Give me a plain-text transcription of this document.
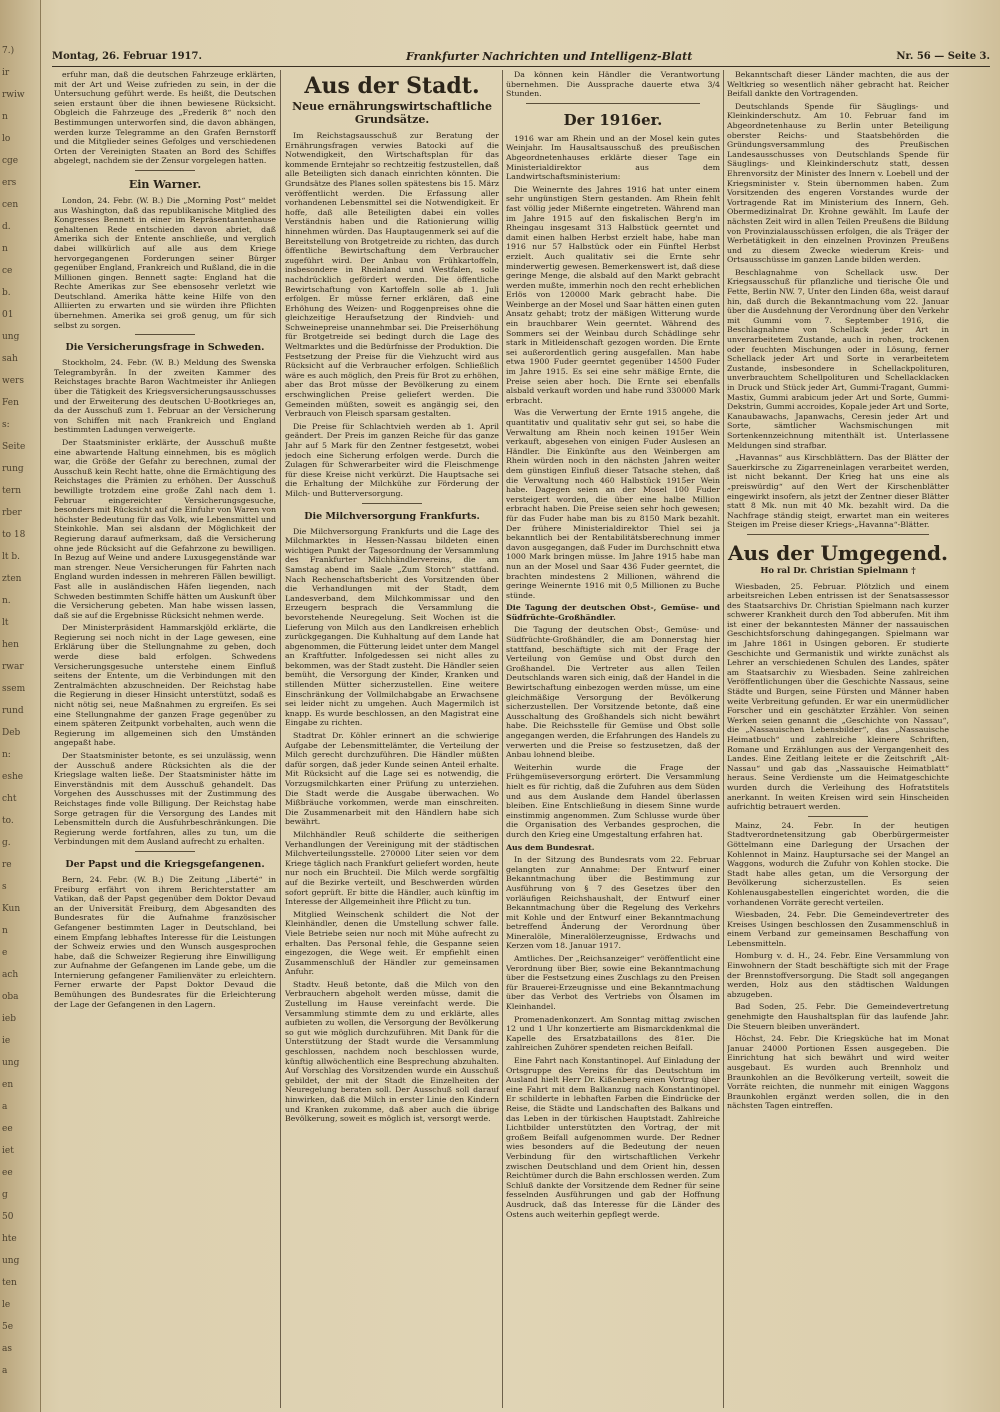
7.)
ir
rwiw
n
lo
cge
ers
cen
d.
n
ce
b.
01
ung
sah
wers
Fen
s:
Seite
rung
tern
rber
to 18
lt b.
zten
n.
lt
hen
rwar
ssem
rund
Deb
n:
eshe
cht
to.
g.
re
s
Kun
n
e
ach
oba
ieb
ie
ung
en
a
ee
iet
ee
g
50
hte
ung
ten
le
5e
as
a
Montag, 26. Februar 1917.	Frankfurter Nachrichten und Intelligenz-Blatt	Nr. 56 — Seite 3.

erfuhr man, daß die deutschen Fahrzeuge erklärten, mit der Art und Weise zufrieden zu sein, in der die Untersuchung geführt werde. Es heißt, die Deutschen seien erstaunt über die ihnen bewiesene Rücksicht. Obgleich die Fahrzeuge des „Frederik 8“ noch den Bestimmungen unterworfen sind, die davon abhängen, werden kurze Telegramme an den Grafen Bernstorff und die Mitglieder seines Gefolges und verschiedenen Orten der Vereinigten Staaten an Bord des Schiffes abgelegt, nachdem sie der Zensur vorgelegen hatten.

Ein Warner.

London, 24. Febr. (W. B.) Die „Morning Post“ meldet aus Washington, daß das republikanische Mitglied des Kongresses Bennett in einer im Repräsentantenhause gehaltenen Rede entschieden davon abriet, daß Amerika sich der Entente anschließe, und verglich dabei willkürlich auf alle aus dem Kriege hervorgegangenen Forderungen seiner Bürger gegenüber England, Frankreich und Rußland, die in die Millionen gingen. Bennett sagte: England hat die Rechte Amerikas zur See ebensosehr verletzt wie Deutschland. Amerika hätte keine Hilfe von den Alliierten zu erwarten und sie würden ihre Pflichten übernehmen. Amerika sei groß genug, um für sich selbst zu sorgen.

Die Versicherungsfrage in Schweden.

Stockholm, 24. Febr. (W. B.) Meldung des Swenska Telegrambyrån. In der zweiten Kammer des Reichstages brachte Baron Wachtmeister ihr Anliegen über die Tätigkeit des Kriegsversicherungsausschusses und der Erweiterung des deutschen U-Bootkrieges an, da der Ausschuß zum 1. Februar an der Versicherung von Schiffen mit nach Frankreich und England bestimmten Ladungen verweigerte.

Der Staatsminister erklärte, der Ausschuß mußte eine abwartende Haltung einnehmen, bis es möglich war, die Größe der Gefahr zu berechnen, zumal der Ausschuß kein Recht hatte, ohne die Ermächtigung des Reichstages die Prämien zu erhöhen. Der Ausschuß bewilligte trotzdem eine große Zahl nach dem 1. Februar eingereichter Versicherungsgesuche, besonders mit Rücksicht auf die Einfuhr von Waren von höchster Bedeutung für das Volk, wie Lebensmittel und Steinkohle. Man sei alsdann der Möglichkeit der Regierung darauf aufmerksam, daß die Versicherung ohne jede Rücksicht auf die Gefahrzone zu bewilligen. In Bezug auf Weine und andere Luxusgegenstände war man strenger. Neue Versicherungen für Fahrten nach England wurden indessen in mehreren Fällen bewilligt. Fast alle in ausländischen Häfen liegenden, nach Schweden bestimmten Schiffe hätten um Auskunft über die Versicherung gebeten. Man habe wissen lassen, daß sie auf die Ergebnisse Rücksicht nehmen werde.

Der Ministerpräsident Hammarskjöld erklärte, die Regierung sei noch nicht in der Lage gewesen, eine Erklärung über die Stellungnahme zu geben, doch werde diese bald erfolgen. Schwedens Versicherungsgesuche unterstehe einem Einfluß seitens der Entente, um die Verbindungen mit den Zentralmächten abzuschneiden. Der Reichstag habe die Regierung in dieser Hinsicht unterstützt, sodaß es nicht nötig sei, neue Maßnahmen zu ergreifen. Es sei eine Stellungnahme der ganzen Frage gegenüber zu einem späteren Zeitpunkt vorbehalten, auch wenn die Regierung im allgemeinen sich den Umständen angepaßt habe.

Der Staatsminister betonte, es sei unzulässig, wenn der Ausschuß andere Rücksichten als die der Kriegslage walten ließe. Der Staatsminister hätte im Einverständnis mit dem Ausschuß gehandelt. Das Vorgehen des Ausschusses mit der Zustimmung des Reichstages finde volle Billigung. Der Reichstag habe Sorge getragen für die Versorgung des Landes mit Lebensmitteln durch die Ausfuhrbeschränkungen. Die Regierung werde fortfahren, alles zu tun, um die Verbindungen mit dem Ausland aufrecht zu erhalten.

Der Papst und die Kriegsgefangenen.

Bern, 24. Febr. (W. B.) Die Zeitung „Liberté“ in Freiburg erfährt von ihrem Berichterstatter am Vatikan, daß der Papst gegenüber dem Doktor Devaud an der Universität Freiburg, dem Abgesandten des Bundesrates für die Aufnahme französischer Gefangener bestimmten Lager in Deutschland, bei einem Empfang lebhaftes Interesse für die Leistungen der Schweiz erwies und den Wunsch ausgesprochen habe, daß die Schweizer Regierung ihre Einwilligung zur Aufnahme der Gefangenen im Lande gebe, um die Internierung gefangener Familienväter zu erleichtern. Ferner erwarte der Papst Doktor Devaud die Bemühungen des Bundesrates für die Erleichterung der Lage der Gefangenen in den Lagern.

Aus der Stadt.
Neue ernährungswirtschaftliche Grundsätze.

Im Reichstagsausschuß zur Beratung der Ernährungsfragen verwies Batocki auf die Notwendigkeit, den Wirtschaftsplan für das kommende Erntejahr so rechtzeitig festzustellen, daß alle Beteiligten sich danach einrichten könnten. Die Grundsätze des Planes sollen spätestens bis 15. März veröffentlicht werden. Die Erfassung aller vorhandenen Lebensmittel sei die Notwendigkeit. Er hoffe, daß alle Beteiligten dabei ein volles Verständnis haben und die Rationierung willig hinnehmen würden. Das Hauptaugenmerk sei auf die Bereitstellung von Brotgetreide zu richten, das durch öffentliche Bewirtschaftung dem Verbraucher zugeführt wird. Der Anbau von Frühkartoffeln, insbesondere in Rheinland und Westfalen, solle nachdrücklich gefördert werden. Die öffentliche Bewirtschaftung von Kartoffeln solle ab 1. Juli erfolgen. Er müsse ferner erklären, daß eine Erhöhung des Weizen- und Roggenpreises ohne die gleichzeitige Heraufsetzung der Rindvieh- und Schweinepreise unannehmbar sei. Die Preiserhöhung für Brotgetreide sei bedingt durch die Lage des Weltmarktes und die Bedürfnisse der Produktion. Die Festsetzung der Preise für die Viehzucht wird aus Rücksicht auf die Verbraucher erfolgen. Schließlich wäre es auch möglich, den Preis für Brot zu erhöhen, aber das Brot müsse der Bevölkerung zu einem erschwinglichen Preise geliefert werden. Die Gemeinden müßten, soweit es angängig sei, den Verbrauch von Fleisch sparsam gestalten.

Die Preise für Schlachtvieh werden ab 1. April geändert. Der Preis im ganzen Reiche für das ganze Jahr auf 5 Mark für den Zentner festgesetzt, wobei jedoch eine Sicherung erfolgen werde. Durch die Zulagen für Schwerarbeiter wird die Fleischmenge für diese Kreise nicht verkürzt. Die Hauptsache sei die Erhaltung der Milchkühe zur Förderung der Milch- und Butterversorgung.

Die Milchversorgung Frankfurts.

Die Milchversorgung Frankfurts und die Lage des Milchmarktes in Hessen-Nassau bildeten einen wichtigen Punkt der Tagesordnung der Versammlung des Frankfurter Milchhändlervereins, die am Samstag abend im Saale „Zum Storch“ stattfand. Nach Rechenschaftsbericht des Vorsitzenden über die Verhandlungen mit der Stadt, dem Landesverband, dem Milchkommissar und den Erzeugern besprach die Versammlung die bevorstehende Neuregelung. Seit Wochen ist die Lieferung von Milch aus den Landkreisen erheblich zurückgegangen. Die Kuhhaltung auf dem Lande hat abgenommen, die Fütterung leidet unter dem Mangel an Kraftfutter. Infolgedessen sei nicht alles zu bekommen, was der Stadt zusteht. Die Händler seien bemüht, die Versorgung der Kinder, Kranken und stillenden Mütter sicherzustellen. Eine weitere Einschränkung der Vollmilchabgabe an Erwachsene sei leider nicht zu umgehen. Auch Magermilch ist knapp. Es wurde beschlossen, an den Magistrat eine Eingabe zu richten.

Stadtrat Dr. Köhler erinnert an die schwierige Aufgabe der Lebensmittelämter, die Verteilung der Milch gerecht durchzuführen. Die Händler müßten dafür sorgen, daß jeder Kunde seinen Anteil erhalte. Mit Rücksicht auf die Lage sei es notwendig, die Vorzugsmilchkarten einer Prüfung zu unterziehen. Die Stadt werde die Ausgabe überwachen. Wo Mißbräuche vorkommen, werde man einschreiten. Die Zusammenarbeit mit den Händlern habe sich bewährt.

Milchhändler Reuß schilderte die seitherigen Verhandlungen der Vereinigung mit der städtischen Milchverteilungsstelle. 270000 Liter seien vor dem Kriege täglich nach Frankfurt geliefert worden, heute nur noch ein Bruchteil. Die Milch werde sorgfältig auf die Bezirke verteilt, und Beschwerden würden sofort geprüft. Er bitte die Händler, auch künftig im Interesse der Allgemeinheit ihre Pflicht zu tun.

Mitglied Weinschenk schildert die Not der Kleinhändler, denen die Umstellung schwer falle. Viele Betriebe seien nur noch mit Mühe aufrecht zu erhalten. Das Personal fehle, die Gespanne seien eingezogen, die Wege weit. Er empfiehlt einen Zusammenschluß der Händler zur gemeinsamen Anfuhr.

Stadtv. Heuß betonte, daß die Milch von den Verbrauchern abgeholt werden müsse, damit die Zustellung im Hause vereinfacht werde. Die Versammlung stimmte dem zu und erklärte, alles aufbieten zu wollen, die Versorgung der Bevölkerung so gut wie möglich durchzuführen. Mit Dank für die Unterstützung der Stadt wurde die Versammlung geschlossen, nachdem noch beschlossen wurde, künftig allwöchentlich eine Besprechung abzuhalten. Auf Vorschlag des Vorsitzenden wurde ein Ausschuß gebildet, der mit der Stadt die Einzelheiten der Neuregelung beraten soll. Der Ausschuß soll darauf hinwirken, daß die Milch in erster Linie den Kindern und Kranken zukomme, daß aber auch die übrige Bevölkerung, soweit es möglich ist, versorgt werde.

Da können kein Händler die Verantwortung übernehmen. Die Aussprache dauerte etwa 3/4 Stunden.

Der 1916er.

1916 war am Rhein und an der Mosel kein gutes Weinjahr. Im Hausaltsausschuß des preußischen Abgeordnetenhauses erklärte dieser Tage ein Ministerialdirektor aus dem Landwirtschaftsministerium:

Die Weinernte des Jahres 1916 hat unter einem sehr ungünstigen Stern gestanden. Am Rhein fehlt fast völlig jeder Mißernte eingetreten. Während man im Jahre 1915 auf den fiskalischen Berg'n im Rheingau insgesamt 313 Halbstück geerntet und damit einen halben Herbst erzielt habe, habe man 1916 nur 57 Halbstück oder ein Fünftel Herbst erzielt. Auch qualitativ sei die Ernte sehr minderwertig gewesen. Bemerkenswert ist, daß diese geringe Menge, die alsbald auf den Markt gebracht werden mußte, immerhin noch den recht erheblichen Erlös von 120000 Mark gebracht habe. Die Weinberge an der Mosel und Saar hätten einen guten Ansatz gehabt; trotz der mäßigen Witterung wurde ein brauchbarer Wein geerntet. Während des Sommers sei der Weinbau durch Schädlinge sehr stark in Mitleidenschaft gezogen worden. Die Ernte sei außerordentlich gering ausgefallen. Man habe etwa 1900 Fuder geerntet gegenüber 14500 Fuder im Jahre 1915. Es sei eine sehr mäßige Ernte, die Preise seien aber hoch. Die Ernte sei ebenfalls alsbald verkauft worden und habe rund 330000 Mark erbracht.

Was die Verwertung der Ernte 1915 angehe, die quantitativ und qualitativ sehr gut sei, so habe die Verwaltung am Rhein noch keinen 1915er Wein verkauft, abgesehen von einigen Fuder Auslesen an Händler. Die Einkünfte aus den Weinbergen am Rhein würden noch in den nächsten Jahren weiter dem günstigen Einfluß dieser Tatsache stehen, daß die Verwaltung noch 460 Halbstück 1915er Wein habe. Dagegen seien an der Mosel 100 Fuder versteigert worden, die über eine halbe Million erbracht haben. Die Preise seien sehr hoch gewesen; für das Fuder habe man bis zu 8150 Mark bezahlt. Der frühere Ministerialdirektor Thiel sei ja bekanntlich bei der Rentabilitätsberechnung immer davon ausgegangen, daß Fuder im Durchschnitt etwa 1000 Mark bringen müsse. Im Jahre 1915 habe man nun an der Mosel und Saar 436 Fuder geerntet, die brachten mindestens 2 Millionen, während die geringe Weinernte 1916 mit 0,5 Millionen zu Buche stünde.

Die Tagung der deutschen Obst-, Gemüse- und Südfrüchte-Großhändler.

Die Tagung der deutschen Obst-, Gemüse- und Südfrüchte-Großhändler, die am Donnerstag hier stattfand, beschäftigte sich mit der Frage der Verteilung von Gemüse und Obst durch den Großhandel. Die Vertreter aus allen Teilen Deutschlands waren sich einig, daß der Handel in die Bewirtschaftung einbezogen werden müsse, um eine gleichmäßige Versorgung der Bevölkerung sicherzustellen. Der Vorsitzende betonte, daß eine Ausschaltung des Großhandels sich nicht bewährt habe. Die Reichsstelle für Gemüse und Obst solle angegangen werden, die Erfahrungen des Handels zu verwerten und die Preise so festzusetzen, daß der Anbau lohnend bleibe.

Weiterhin wurde die Frage der Frühgemüseversorgung erörtert. Die Versammlung hielt es für richtig, daß die Zufuhren aus dem Süden und aus dem Auslande dem Handel überlassen bleiben. Eine Entschließung in diesem Sinne wurde einstimmig angenommen. Zum Schlusse wurde über die Organisation des Verbandes gesprochen, die durch den Krieg eine Umgestaltung erfahren hat.

Aus dem Bundesrat.

In der Sitzung des Bundesrats vom 22. Februar gelangten zur Annahme: Der Entwurf einer Bekanntmachung über die Bestimmung zur Ausführung von § 7 des Gesetzes über den vorläufigen Reichshaushalt, der Entwurf einer Bekanntmachung über die Regelung des Verkehrs mit Kohle und der Entwurf einer Bekanntmachung betreffend Änderung der Verordnung über Mineralöle, Mineralölerzeugnisse, Erdwachs und Kerzen vom 18. Januar 1917.

Amtliches. Der „Reichsanzeiger“ veröffentlicht eine Verordnung über Bier, sowie eine Bekanntmachung über die Festsetzung eines Zuschlags zu den Preisen für Brauerei-Erzeugnisse und eine Bekanntmachung über das Verbot des Vertriebs von Ölsamen im Kleinhandel.

Promenadenkonzert. Am Sonntag mittag zwischen 12 und 1 Uhr konzertierte am Bismarckdenkmal die Kapelle des Ersatzbataillons des 81er. Die zahlreichen Zuhörer spendeten reichen Beifall.

Eine Fahrt nach Konstantinopel. Auf Einladung der Ortsgruppe des Vereins für das Deutschtum im Ausland hielt Herr Dr. Kißenberg einen Vortrag über eine Fahrt mit dem Balkanzug nach Konstantinopel. Er schilderte in lebhaften Farben die Eindrücke der Reise, die Städte und Landschaften des Balkans und das Leben in der türkischen Hauptstadt. Zahlreiche Lichtbilder unterstützten den Vortrag, der mit großem Beifall aufgenommen wurde. Der Redner wies besonders auf die Bedeutung der neuen Verbindung für den wirtschaftlichen Verkehr zwischen Deutschland und dem Orient hin, dessen Reichtümer durch die Bahn erschlossen werden. Zum Schluß dankte der Vorsitzende dem Redner für seine fesselnden Ausführungen und gab der Hoffnung Ausdruck, daß das Interesse für die Länder des Ostens auch weiterhin gepflegt werde.

Bekanntschaft dieser Länder machten, die aus der Weltkrieg so wesentlich näher gebracht hat. Reicher Beifall dankte den Vortragenden.

Deutschlands Spende für Säuglings- und Kleinkinderschutz. Am 10. Februar fand im Abgeordnetenhause zu Berlin unter Beteiligung oberster Reichs- und Staatsbehörden die Gründungsversammlung des Preußischen Landesausschusses von Deutschlands Spende für Säuglings- und Kleinkinderschutz statt, dessen Ehrenvorsitz der Minister des Innern v. Loebell und der Kriegsminister v. Stein übernommen haben. Zum Vorsitzenden des engeren Vorstandes wurde der Vortragende Rat im Ministerium des Innern, Geh. Obermedizinalrat Dr. Krohne gewählt. Im Laufe der nächsten Zeit wird in allen Teilen Preußens die Bildung von Provinzialausschüssen erfolgen, die als Träger der Werbetätigkeit in den einzelnen Provinzen Preußens und zu diesem Zwecke wiederum Kreis- und Ortsausschüsse im ganzen Lande bilden werden.

Beschlagnahme von Schellack usw. Der Kriegsausschuß für pflanzliche und tierische Öle und Fette, Berlin NW. 7, Unter den Linden 68a, weist darauf hin, daß durch die Bekanntmachung vom 22. Januar über die Ausdehnung der Verordnung über den Verkehr mit Gummi vom 7. September 1916, die Beschlagnahme von Schellack jeder Art in unverarbeitetem Zustande, auch in rohen, trockenen oder feuchten Mischungen oder in Lösung, ferner Schellack jeder Art und Sorte in verarbeitetem Zustande, insbesondere in Schellackpolituren, unverbrauchtem Schellpolituren und Schellacklacken in Druck und Stück jeder Art, Gummi-Tragant, Gummi-Mastix, Gummi arabicum jeder Art und Sorte, Gummi-Dekstrin, Gummi accroides, Kopale jeder Art und Sorte, Kanaubawachs, Japanwachs, Ceresin jeder Art und Sorte, sämtlicher Wachsmischungen mit Sortenkennzeichnung mitenthält ist. Unterlassene Meldungen sind strafbar.

„Havannas“ aus Kirschblättern. Das der Blätter der Sauerkirsche zu Zigarreneinlagen verarbeitet werden, ist nicht bekannt. Der Krieg hat uns eine als „preiswürdig“ auf den Wert der Kirschenblätter eingewirkt insofern, als jetzt der Zentner dieser Blätter statt 8 Mk. nun mit 40 Mk. bezahlt wird. Da die Nachfrage ständig steigt, erwartet man ein weiteres Steigen im Preise dieser Kriegs-„Havanna“-Blätter.

Aus der Umgegend.
Ho ral Dr. Christian Spielmann †

Wiesbaden, 25. Februar. Plötzlich und einem arbeitsreichen Leben entrissen ist der Senatsassessor des Staatsarchivs Dr. Christian Spielmann nach kurzer schwerer Krankheit durch den Tod abberufen. Mit ihm ist einer der bekanntesten Männer der nassauischen Geschichtsforschung dahingegangen. Spielmann war im Jahre 1861 in Usingen geboren. Er studierte Geschichte und Germanistik und wirkte zunächst als Lehrer an verschiedenen Schulen des Landes, später am Staatsarchiv zu Wiesbaden. Seine zahlreichen Veröffentlichungen über die Geschichte Nassaus, seine Städte und Burgen, seine Fürsten und Männer haben weite Verbreitung gefunden. Er war ein unermüdlicher Forscher und ein geschätzter Erzähler. Von seinen Werken seien genannt die „Geschichte von Nassau“, die „Nassauischen Lebensbilder“, das „Nassauische Heimatbuch“ und zahlreiche kleinere Schriften, Romane und Erzählungen aus der Vergangenheit des Landes. Eine Zeitlang leitete er die Zeitschrift „Alt-Nassau“ und gab das „Nassauische Heimatblatt“ heraus. Seine Verdienste um die Heimatgeschichte wurden durch die Verleihung des Hofratstitels anerkannt. In weiten Kreisen wird sein Hinscheiden aufrichtig betrauert werden.

Mainz, 24. Febr. In der heutigen Stadtverordnetensitzung gab Oberbürgermeister Göttelmann eine Darlegung der Ursachen der Kohlennot in Mainz. Hauptursache sei der Mangel an Waggons, wodurch die Zufuhr von Kohlen stocke. Die Stadt habe alles getan, um die Versorgung der Bevölkerung sicherzustellen. Es seien Kohlenausgabestellen eingerichtet worden, die die vorhandenen Vorräte gerecht verteilen.

Wiesbaden, 24. Febr. Die Gemeindevertreter des Kreises Usingen beschlossen den Zusammenschluß in einem Verband zur gemeinsamen Beschaffung von Lebensmitteln.

Homburg v. d. H., 24. Febr. Eine Versammlung von Einwohnern der Stadt beschäftigte sich mit der Frage der Brennstoffversorgung. Die Stadt soll angegangen werden, Holz aus den städtischen Waldungen abzugeben.

Bad Soden, 25. Febr. Die Gemeindevertretung genehmigte den Haushaltsplan für das laufende Jahr. Die Steuern bleiben unverändert.

Höchst, 24. Febr. Die Kriegsküche hat im Monat Januar 24000 Portionen Essen ausgegeben. Die Einrichtung hat sich bewährt und wird weiter ausgebaut. Es wurden auch Brennholz und Braunkohlen an die Bevölkerung verteilt, soweit die Vorräte reichten, die nunmehr mit einigen Waggons Braunkohlen ergänzt werden sollen, die in den nächsten Tagen eintreffen.
